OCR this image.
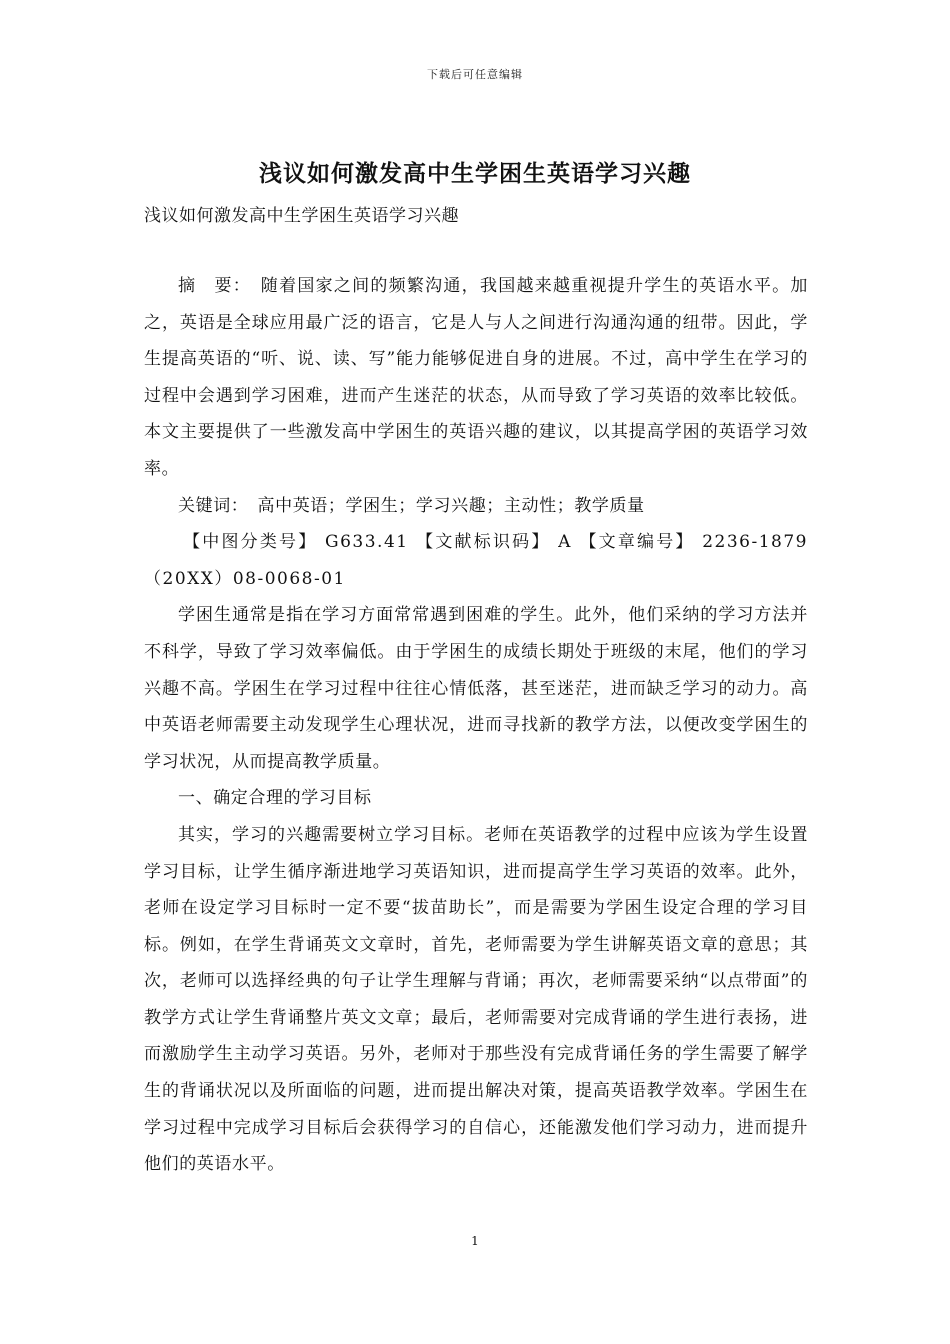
下载后可任意编辑
浅议如何激发高中生学困生英语学习兴趣
浅议如何激发高中生学困生英语学习兴趣

摘　要：　随着国家之间的频繁沟通，我国越来越重视提升学生的英语水平。加之，英语是全球应用最广泛的语言，它是人与人之间进行沟通沟通的纽带。因此，学生提高英语的“听、说、读、写”能力能够促进自身的进展。不过，高中学生在学习的过程中会遇到学习困难，进而产生迷茫的状态，从而导致了学习英语的效率比较低。本文主要提供了一些激发高中学困生的英语兴趣的建议，以其提高学困的英语学习效率。

关键词：　高中英语；学困生；学习兴趣；主动性；教学质量

【中图分类号】 G633.41 【文献标识码】 A 【文章编号】 2236-1879（20XX）08-0068-01

学困生通常是指在学习方面常常遇到困难的学生。此外，他们采纳的学习方法并不科学，导致了学习效率偏低。由于学困生的成绩长期处于班级的末尾，他们的学习兴趣不高。学困生在学习过程中往往心情低落，甚至迷茫，进而缺乏学习的动力。高中英语老师需要主动发现学生心理状况，进而寻找新的教学方法，以便改变学困生的学习状况，从而提高教学质量。

一、确定合理的学习目标

其实，学习的兴趣需要树立学习目标。老师在英语教学的过程中应该为学生设置学习目标，让学生循序渐进地学习英语知识，进而提高学生学习英语的效率。此外，老师在设定学习目标时一定不要“拔苗助长”，而是需要为学困生设定合理的学习目标。例如，在学生背诵英文文章时，首先，老师需要为学生讲解英语文章的意思；其次，老师可以选择经典的句子让学生理解与背诵；再次，老师需要采纳“以点带面”的教学方式让学生背诵整片英文文章；最后，老师需要对完成背诵的学生进行表扬，进而激励学生主动学习英语。另外，老师对于那些没有完成背诵任务的学生需要了解学生的背诵状况以及所面临的问题，进而提出解决对策，提高英语教学效率。学困生在学习过程中完成学习目标后会获得学习的自信心，还能激发他们学习动力，进而提升他们的英语水平。

1
